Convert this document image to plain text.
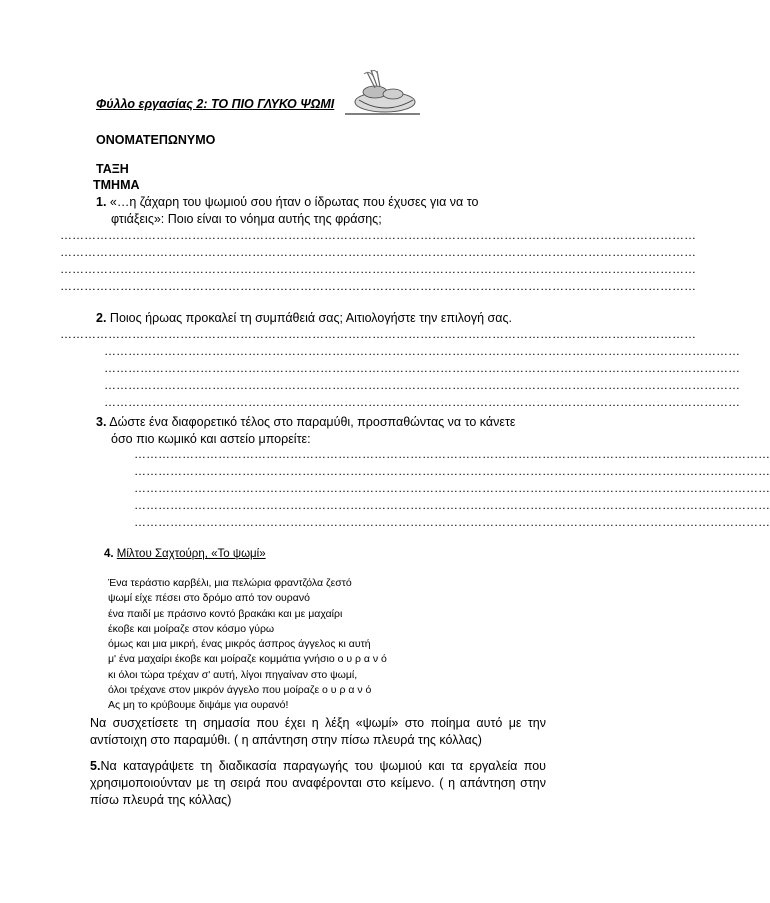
Φύλλο εργασίας 2: ΤΟ ΠΙΟ ΓΛΥΚΟ ΨΩΜΙ
ΟΝΟΜΑΤΕΠΩΝΥΜΟ
ΤΑΞΗ
ΤΜΗΜΑ
1. «…η ζάχαρη του ψωμιού σου ήταν ο ίδρωτας που έχυσες για να το
φτιάξεις»: Ποιο είναι το νόημα αυτής της φράσης;
……………………………………………………………………………………………………………………………………………
……………………………………………………………………………………………………………………………………………
……………………………………………………………………………………………………………………………………………
……………………………………………………………………………………………………………………………………………
2. Ποιος ήρωας προκαλεί τη συμπάθειά σας; Αιτιολογήστε την επιλογή σας.
……………………………………………………………………………………………………………………………………………
……………………………………………………………………………………………………………………………………………
……………………………………………………………………………………………………………………………………………
……………………………………………………………………………………………………………………………………………
……………………………………………………………………………………………………………………………………………
3. Δώστε ένα διαφορετικό τέλος στο παραμύθι, προσπαθώντας να το κάνετε
όσο πιο κωμικό και αστείο μπορείτε:
……………………………………………………………………………………………………………………………………………
……………………………………………………………………………………………………………………………………………
……………………………………………………………………………………………………………………………………………
……………………………………………………………………………………………………………………………………………
……………………………………………………………………………………………………………………………………………
4. Μίλτου Σαχτούρη, «Το ψωμί»
Ένα τεράστιο καρβέλι, μια πελώρια φραντζόλα ζεστό
ψωμί είχε πέσει στο δρόμο από τον ουρανό
ένα παιδί με πράσινο κοντό βρακάκι και με μαχαίρι
έκοβε και μοίραζε στον κόσμο γύρω
όμως και μια μικρή, ένας μικρός άσπρος άγγελος κι αυτή
μ' ένα μαχαίρι έκοβε και μοίραζε κομμάτια γνήσιο ο υ ρ α ν ό
κι όλοι τώρα τρέχαν σ' αυτή, λίγοι πηγαίναν στο ψωμί,
όλοι τρέχανε στον μικρόν άγγελο που μοίραζε ο υ ρ α ν ό
Ας μη το κρύβουμε διψάμε για ουρανό!
Να συσχετίσετε τη σημασία που έχει η λέξη «ψωμί» στο ποίημα αυτό με την αντίστοιχη στο παραμύθι. ( η απάντηση στην πίσω πλευρά της κόλλας)
5.Να καταγράψετε τη διαδικασία παραγωγής του ψωμιού και τα εργαλεία που χρησιμοποιούνταν με τη σειρά που αναφέρονται στο κείμενο. ( η απάντηση στην πίσω πλευρά της κόλλας)
